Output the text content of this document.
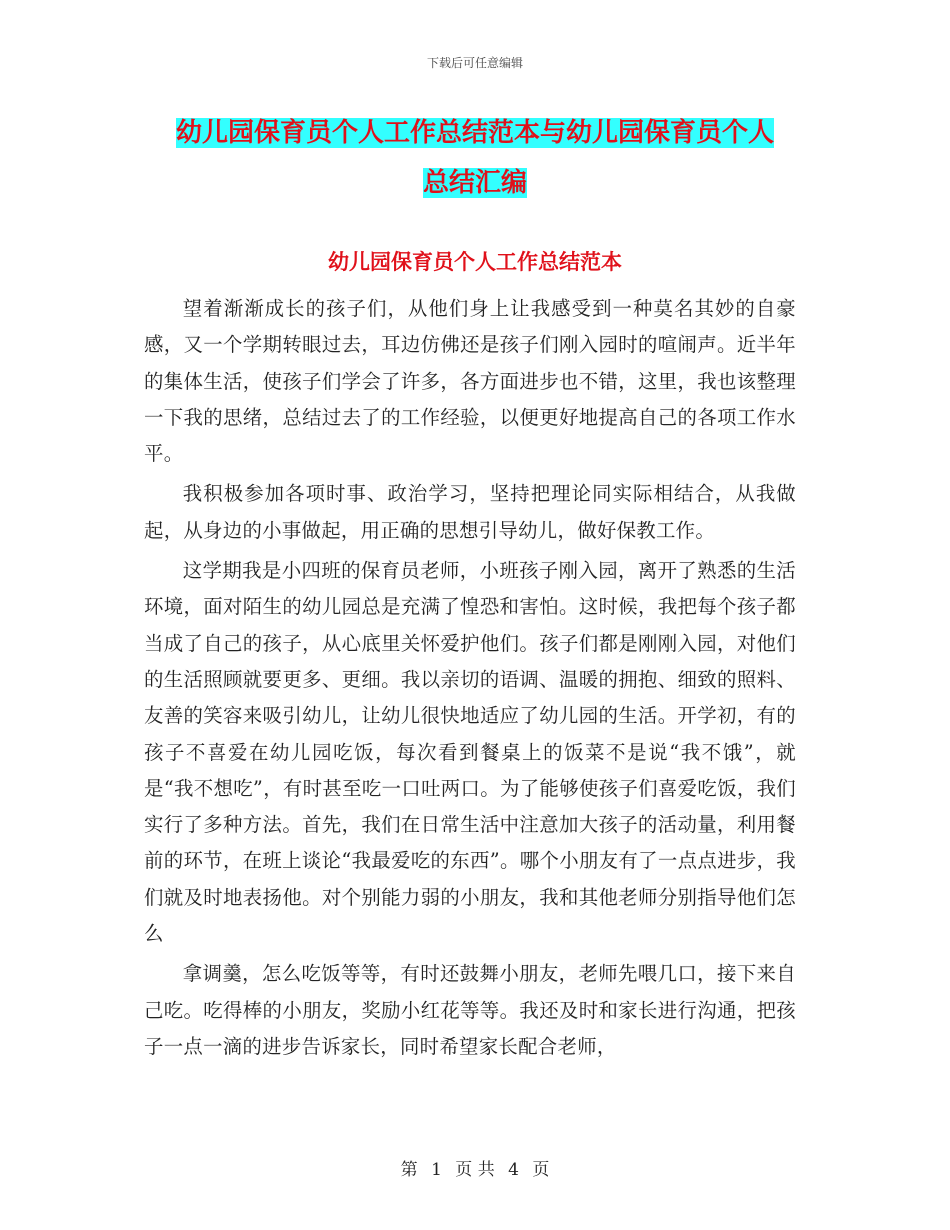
下载后可任意编辑
幼儿园保育员个人工作总结范本与幼儿园保育员个人
总结汇编
幼儿园保育员个人工作总结范本

望着渐渐成长的孩子们，从他们身上让我感受到一种莫名其妙的自豪感，又一个学期转眼过去，耳边仿佛还是孩子们刚入园时的喧闹声。近半年的集体生活，使孩子们学会了许多，各方面进步也不错，这里，我也该整理一下我的思绪，总结过去了的工作经验，以便更好地提高自己的各项工作水平。

我积极参加各项时事、政治学习，坚持把理论同实际相结合，从我做起，从身边的小事做起，用正确的思想引导幼儿，做好保教工作。

这学期我是小四班的保育员老师，小班孩子刚入园，离开了熟悉的生活环境，面对陌生的幼儿园总是充满了惶恐和害怕。这时候，我把每个孩子都当成了自己的孩子，从心底里关怀爱护他们。孩子们都是刚刚入园，对他们的生活照顾就要更多、更细。我以亲切的语调、温暖的拥抱、细致的照料、友善的笑容来吸引幼儿，让幼儿很快地适应了幼儿园的生活。开学初，有的孩子不喜爱在幼儿园吃饭，每次看到餐桌上的饭菜不是说“我不饿”，就是“我不想吃”，有时甚至吃一口吐两口。为了能够使孩子们喜爱吃饭，我们实行了多种方法。首先，我们在日常生活中注意加大孩子的活动量，利用餐前的环节，在班上谈论“我最爱吃的东西”。哪个小朋友有了一点点进步，我们就及时地表扬他。对个别能力弱的小朋友，我和其他老师分别指导他们怎么

拿调羹，怎么吃饭等等，有时还鼓舞小朋友，老师先喂几口，接下来自己吃。吃得棒的小朋友，奖励小红花等等。我还及时和家长进行沟通，把孩子一点一滴的进步告诉家长，同时希望家长配合老师，

第 1 页 共 4 页
